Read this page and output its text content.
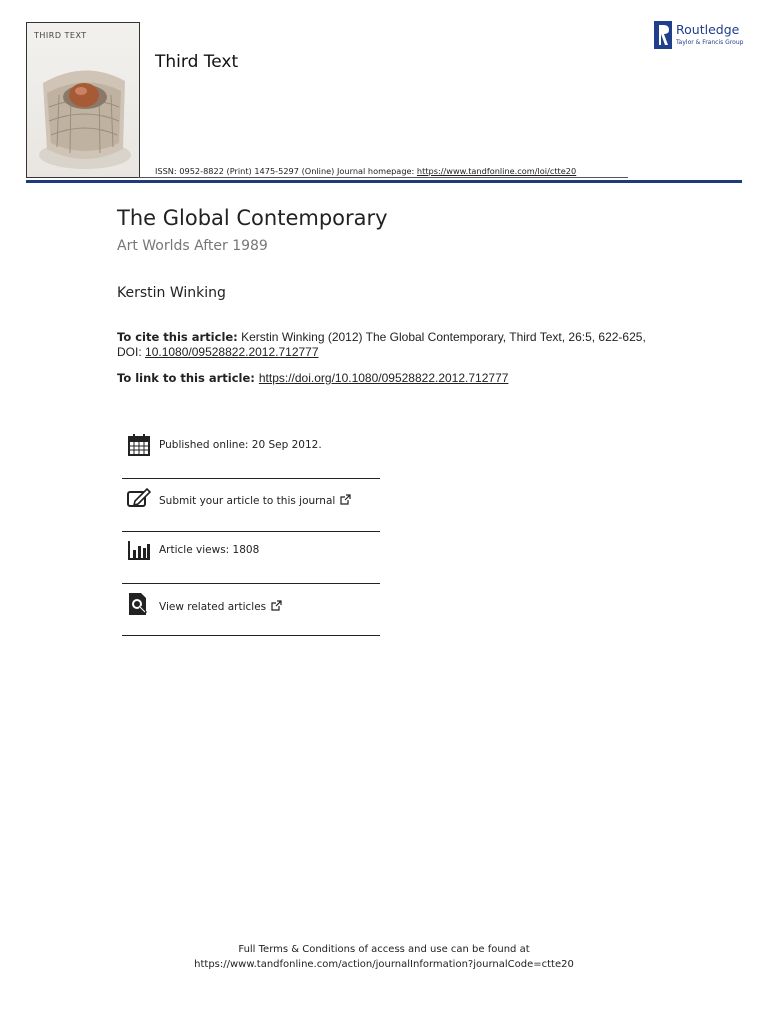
THIRD TEXT
Third Text
Routledge
Taylor & Francis Group
ISSN: 0952-8822 (Print) 1475-5297 (Online) Journal homepage: https://www.tandfonline.com/loi/ctte20
The Global Contemporary
Art Worlds After 1989
Kerstin Winking
To cite this article: Kerstin Winking (2012) The Global Contemporary, Third Text, 26:5, 622-625,
DOI: 10.1080/09528822.2012.712777
To link to this article: https://doi.org/10.1080/09528822.2012.712777
Published online: 20 Sep 2012.
Submit your article to this journal
Article views: 1808
View related articles
Full Terms & Conditions of access and use can be found at
https://www.tandfonline.com/action/journalInformation?journalCode=ctte20
